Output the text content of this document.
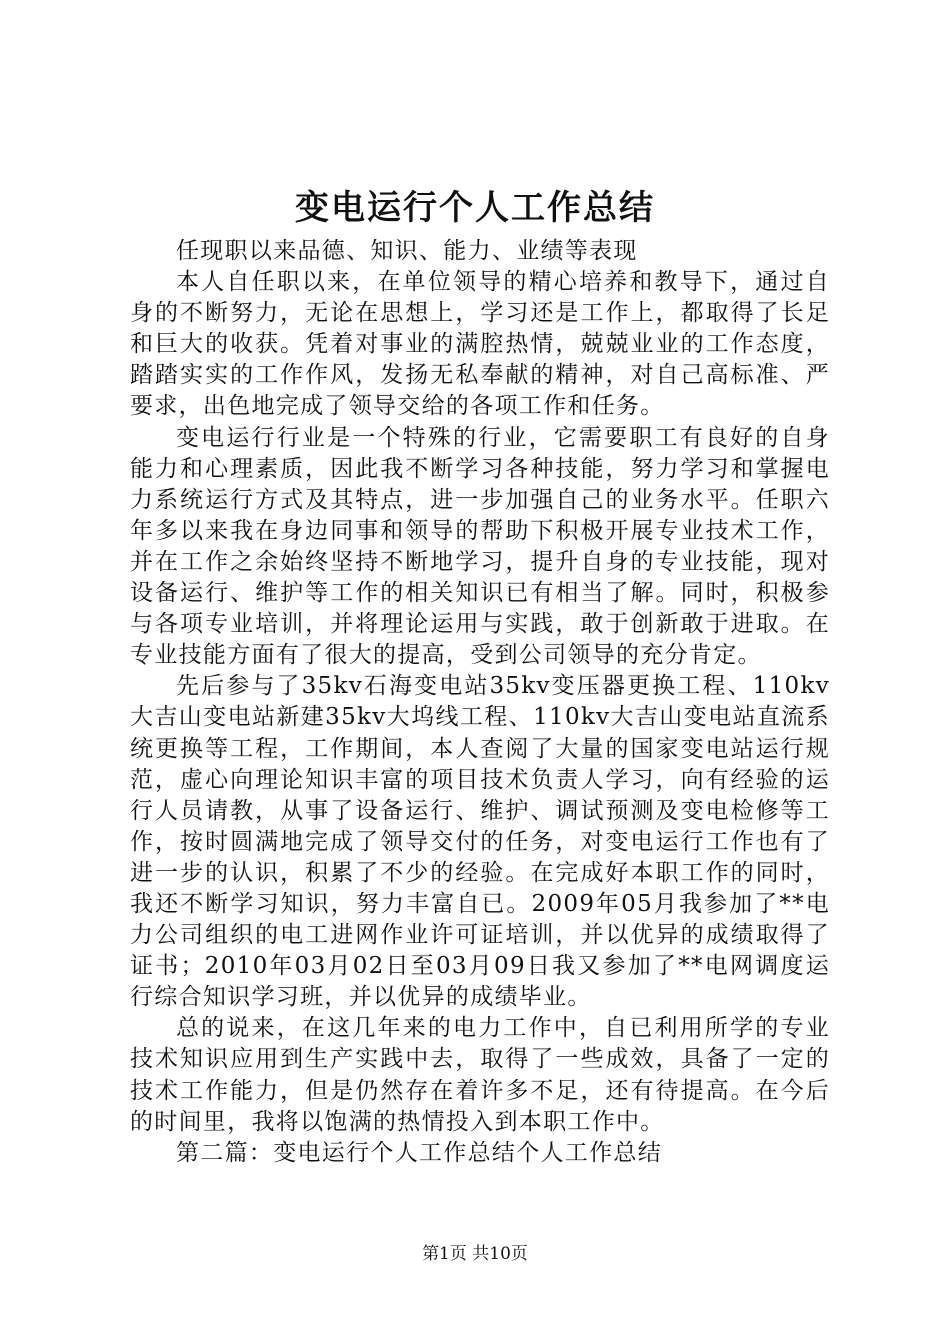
变电运行个人工作总结

任现职以来品德、知识、能力、业绩等表现

本人自任职以来，在单位领导的精心培养和教导下，通过自身的不断努力，无论在思想上，学习还是工作上，都取得了长足和巨大的收获。凭着对事业的满腔热情，兢兢业业的工作态度，踏踏实实的工作作风，发扬无私奉献的精神，对自己高标准、严要求，出色地完成了领导交给的各项工作和任务。

变电运行行业是一个特殊的行业，它需要职工有良好的自身能力和心理素质，因此我不断学习各种技能，努力学习和掌握电力系统运行方式及其特点，进一步加强自己的业务水平。任职六年多以来我在身边同事和领导的帮助下积极开展专业技术工作，并在工作之余始终坚持不断地学习，提升自身的专业技能，现对设备运行、维护等工作的相关知识已有相当了解。同时，积极参与各项专业培训，并将理论运用与实践，敢于创新敢于进取。在专业技能方面有了很大的提高，受到公司领导的充分肯定。

先后参与了35kv石海变电站35kv变压器更换工程、110kv大吉山变电站新建35kv大坞线工程、110kv大吉山变电站直流系统更换等工程，工作期间，本人查阅了大量的国家变电站运行规范，虚心向理论知识丰富的项目技术负责人学习，向有经验的运行人员请教，从事了设备运行、维护、调试预测及变电检修等工作，按时圆满地完成了领导交付的任务，对变电运行工作也有了进一步的认识，积累了不少的经验。在完成好本职工作的同时，我还不断学习知识，努力丰富自已。2009年05月我参加了**电力公司组织的电工进网作业许可证培训，并以优异的成绩取得了证书；2010年03月02日至03月09日我又参加了**电网调度运行综合知识学习班，并以优异的成绩毕业。

总的说来，在这几年来的电力工作中，自已利用所学的专业技术知识应用到生产实践中去，取得了一些成效，具备了一定的技术工作能力，但是仍然存在着许多不足，还有待提高。在今后的时间里，我将以饱满的热情投入到本职工作中。

第二篇：变电运行个人工作总结个人工作总结

第1页 共10页
